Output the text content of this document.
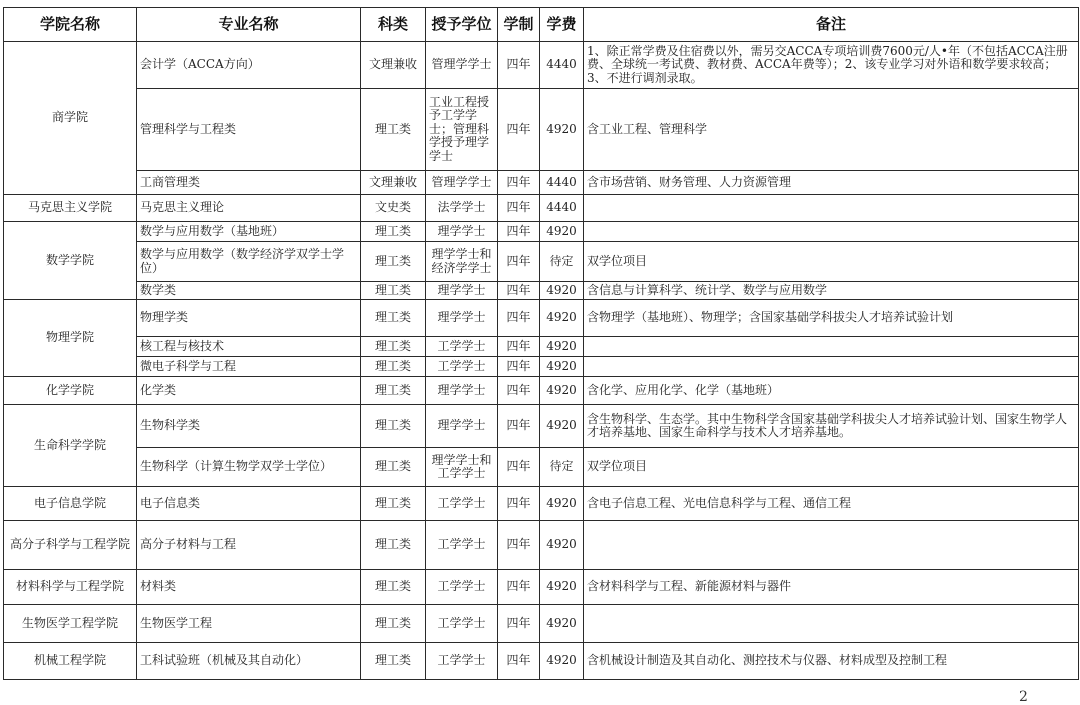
学院名称	专业名称	科类	授予学位	学制	学费	备注
商学院	会计学（ACCA方向）	文理兼收	管理学学士	四年	4440	1、除正常学费及住宿费以外，需另交ACCA专项培训费7600元/人•年（不包括ACCA注册费、全球统一考试费、教材费、ACCA年费等）；2、该专业学习对外语和数学要求较高；3、不进行调剂录取。
	管理科学与工程类	理工类	工业工程授予工学学士；管理科学授予理学学士	四年	4920	含工业工程、管理科学
	工商管理类	文理兼收	管理学学士	四年	4440	含市场营销、财务管理、人力资源管理
马克思主义学院	马克思主义理论	文史类	法学学士	四年	4440	
数学学院	数学与应用数学（基地班）	理工类	理学学士	四年	4920	
	数学与应用数学（数学经济学双学士学位）	理工类	理学学士和经济学学士	四年	待定	双学位项目
	数学类	理工类	理学学士	四年	4920	含信息与计算科学、统计学、数学与应用数学
物理学院	物理学类	理工类	理学学士	四年	4920	含物理学（基地班）、物理学；含国家基础学科拔尖人才培养试验计划
	核工程与核技术	理工类	工学学士	四年	4920	
	微电子科学与工程	理工类	工学学士	四年	4920	
化学学院	化学类	理工类	理学学士	四年	4920	含化学、应用化学、化学（基地班）
生命科学学院	生物科学类	理工类	理学学士	四年	4920	含生物科学、生态学。其中生物科学含国家基础学科拔尖人才培养试验计划、国家生物学人才培养基地、国家生命科学与技术人才培养基地。
	生物科学（计算生物学双学士学位）	理工类	理学学士和工学学士	四年	待定	双学位项目
电子信息学院	电子信息类	理工类	工学学士	四年	4920	含电子信息工程、光电信息科学与工程、通信工程
高分子科学与工程学院	高分子材料与工程	理工类	工学学士	四年	4920	
材料科学与工程学院	材料类	理工类	工学学士	四年	4920	含材料科学与工程、新能源材料与器件
生物医学工程学院	生物医学工程	理工类	工学学士	四年	4920	
机械工程学院	工科试验班（机械及其自动化）	理工类	工学学士	四年	4920	含机械设计制造及其自动化、测控技术与仪器、材料成型及控制工程
2
